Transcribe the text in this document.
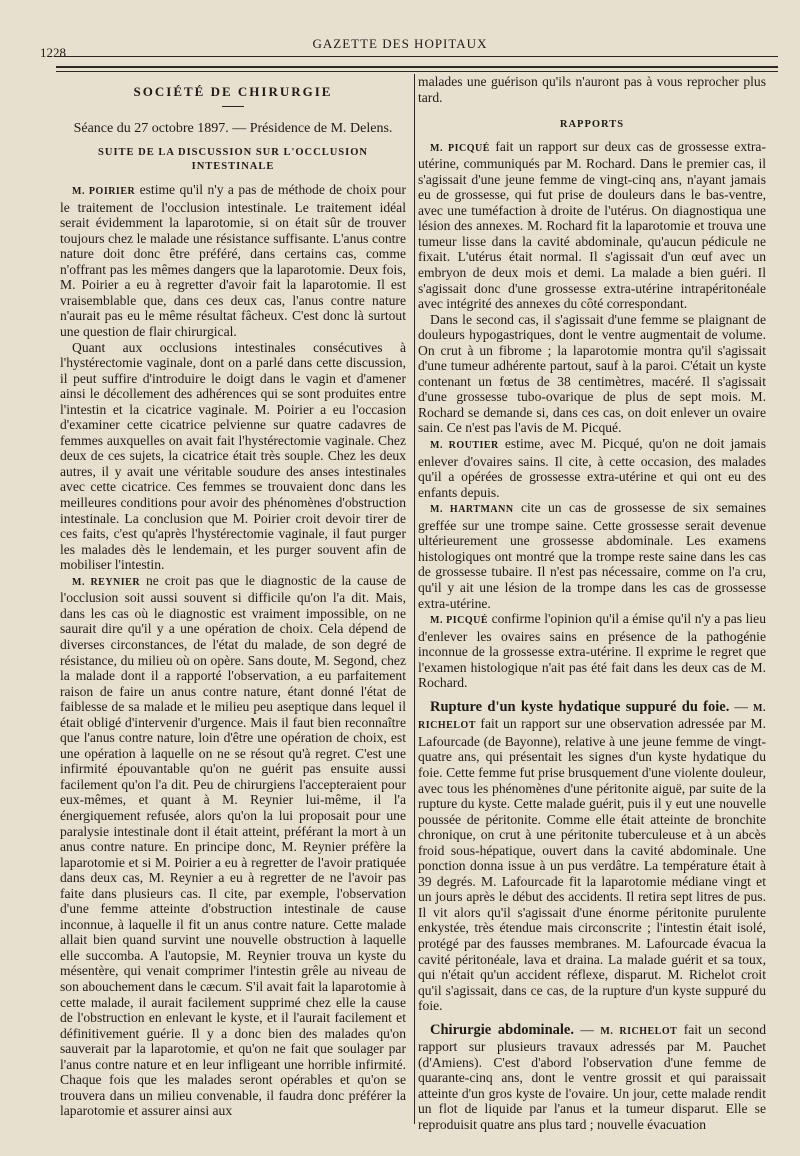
1228
GAZETTE DES HOPITAUX
SOCIÉTÉ DE CHIRURGIE
Séance du 27 octobre 1897. — Présidence de M. Delens.
SUITE DE LA DISCUSSION SUR L'OCCLUSION INTESTINALE

M. POIRIER estime qu'il n'y a pas de méthode de choix pour le traitement de l'occlusion intestinale. Le traitement idéal serait évidemment la laparotomie, si on était sûr de trouver toujours chez le malade une résistance suffisante. L'anus contre nature doit donc être préféré, dans certains cas, comme n'offrant pas les mêmes dangers que la laparotomie. Deux fois, M. Poirier a eu à regretter d'avoir fait la laparotomie. Il est vraisemblable que, dans ces deux cas, l'anus contre nature n'aurait pas eu le même résultat fâcheux. C'est donc là surtout une question de flair chirurgical.

Quant aux occlusions intestinales consécutives à l'hystérectomie vaginale, dont on a parlé dans cette discussion, il peut suffire d'introduire le doigt dans le vagin et d'amener ainsi le décollement des adhérences qui se sont produites entre l'intestin et la cicatrice vaginale. M. Poirier a eu l'occasion d'examiner cette cicatrice pelvienne sur quatre cadavres de femmes auxquelles on avait fait l'hystérectomie vaginale. Chez deux de ces sujets, la cicatrice était très souple. Chez les deux autres, il y avait une véritable soudure des anses intestinales avec cette cicatrice. Ces femmes se trouvaient donc dans les meilleures conditions pour avoir des phénomènes d'obstruction intestinale. La conclusion que M. Poirier croit devoir tirer de ces faits, c'est qu'après l'hystérectomie vaginale, il faut purger les malades dès le lendemain, et les purger souvent afin de mobiliser l'intestin.

M. REYNIER ne croit pas que le diagnostic de la cause de l'occlusion soit aussi souvent si difficile qu'on l'a dit. Mais, dans les cas où le diagnostic est vraiment impossible, on ne saurait dire qu'il y a une opération de choix. Cela dépend de diverses circonstances, de l'état du malade, de son degré de résistance, du milieu où on opère. Sans doute, M. Segond, chez la malade dont il a rapporté l'observation, a eu parfaitement raison de faire un anus contre nature, étant donné l'état de faiblesse de sa malade et le milieu peu aseptique dans lequel il était obligé d'intervenir d'urgence. Mais il faut bien reconnaître que l'anus contre nature, loin d'être une opération de choix, est une opération à laquelle on ne se résout qu'à regret. C'est une infirmité épouvantable qu'on ne guérit pas ensuite aussi facilement qu'on l'a dit. Peu de chirurgiens l'accepteraient pour eux-mêmes, et quant à M. Reynier lui-même, il l'a énergiquement refusée, alors qu'on la lui proposait pour une paralysie intestinale dont il était atteint, préférant la mort à un anus contre nature. En principe donc, M. Reynier préfère la laparotomie et si M. Poirier a eu à regretter de l'avoir pratiquée dans deux cas, M. Reynier a eu à regretter de ne l'avoir pas faite dans plusieurs cas. Il cite, par exemple, l'observation d'une femme atteinte d'obstruction intestinale de cause inconnue, à laquelle il fit un anus contre nature. Cette malade allait bien quand survint une nouvelle obstruction à laquelle elle succomba. A l'autopsie, M. Reynier trouva un kyste du mésentère, qui venait comprimer l'intestin grêle au niveau de son abouchement dans le cæcum. S'il avait fait la laparotomie à cette malade, il aurait facilement supprimé chez elle la cause de l'obstruction en enlevant le kyste, et il l'aurait facilement et définitivement guérie. Il y a donc bien des malades qu'on sauverait par la laparotomie, et qu'on ne fait que soulager par l'anus contre nature et en leur infligeant une horrible infirmité. Chaque fois que les malades seront opérables et qu'on se trouvera dans un milieu convenable, il faudra donc préférer la laparotomie et assurer ainsi aux

malades une guérison qu'ils n'auront pas à vous reprocher plus tard.

RAPPORTS

M. PICQUÉ fait un rapport sur deux cas de grossesse extra-utérine, communiqués par M. Rochard. Dans le premier cas, il s'agissait d'une jeune femme de vingt-cinq ans, n'ayant jamais eu de grossesse, qui fut prise de douleurs dans le bas-ventre, avec une tuméfaction à droite de l'utérus. On diagnostiqua une lésion des annexes. M. Rochard fit la laparotomie et trouva une tumeur lisse dans la cavité abdominale, qu'aucun pédicule ne fixait. L'utérus était normal. Il s'agissait d'un œuf avec un embryon de deux mois et demi. La malade a bien guéri. Il s'agissait donc d'une grossesse extra-utérine intrapéritonéale avec intégrité des annexes du côté correspondant.

Dans le second cas, il s'agissait d'une femme se plaignant de douleurs hypogastriques, dont le ventre augmentait de volume. On crut à un fibrome ; la laparotomie montra qu'il s'agissait d'une tumeur adhérente partout, sauf à la paroi. C'était un kyste contenant un fœtus de 38 centimètres, macéré. Il s'agissait d'une grossesse tubo-ovarique de plus de sept mois. M. Rochard se demande si, dans ces cas, on doit enlever un ovaire sain. Ce n'est pas l'avis de M. Picqué.

M. ROUTIER estime, avec M. Picqué, qu'on ne doit jamais enlever d'ovaires sains. Il cite, à cette occasion, des malades qu'il a opérées de grossesse extra-utérine et qui ont eu des enfants depuis.

M. HARTMANN cite un cas de grossesse de six semaines greffée sur une trompe saine. Cette grossesse serait devenue ultérieurement une grossesse abdominale. Les examens histologiques ont montré que la trompe reste saine dans les cas de grossesse tubaire. Il n'est pas nécessaire, comme on l'a cru, qu'il y ait une lésion de la trompe dans les cas de grossesse extra-utérine.

M. PICQUÉ confirme l'opinion qu'il a émise qu'il n'y a pas lieu d'enlever les ovaires sains en présence de la pathogénie inconnue de la grossesse extra-utérine. Il exprime le regret que l'examen histologique n'ait pas été fait dans les deux cas de M. Rochard.

Rupture d'un kyste hydatique suppuré du foie. — M. RICHELOT fait un rapport sur une observation adressée par M. Lafourcade (de Bayonne), relative à une jeune femme de vingt-quatre ans, qui présentait les signes d'un kyste hydatique du foie. Cette femme fut prise brusquement d'une violente douleur, avec tous les phénomènes d'une péritonite aiguë, par suite de la rupture du kyste. Cette malade guérit, puis il y eut une nouvelle poussée de péritonite. Comme elle était atteinte de bronchite chronique, on crut à une péritonite tuberculeuse et à un abcès froid sous-hépatique, ouvert dans la cavité abdominale. Une ponction donna issue à un pus verdâtre. La température était à 39 degrés. M. Lafourcade fit la laparotomie médiane vingt et un jours après le début des accidents. Il retira sept litres de pus. Il vit alors qu'il s'agissait d'une énorme péritonite purulente enkystée, très étendue mais circonscrite ; l'intestin était isolé, protégé par des fausses membranes. M. Lafourcade évacua la cavité péritonéale, lava et draina. La malade guérit et sa toux, qui n'était qu'un accident réflexe, disparut. M. Richelot croit qu'il s'agissait, dans ce cas, de la rupture d'un kyste suppuré du foie.

Chirurgie abdominale. — M. RICHELOT fait un second rapport sur plusieurs travaux adressés par M. Pauchet (d'Amiens). C'est d'abord l'observation d'une femme de quarante-cinq ans, dont le ventre grossit et qui paraissait atteinte d'un gros kyste de l'ovaire. Un jour, cette malade rendit un flot de liquide par l'anus et la tumeur disparut. Elle se reproduisit quatre ans plus tard ; nouvelle évacuation
